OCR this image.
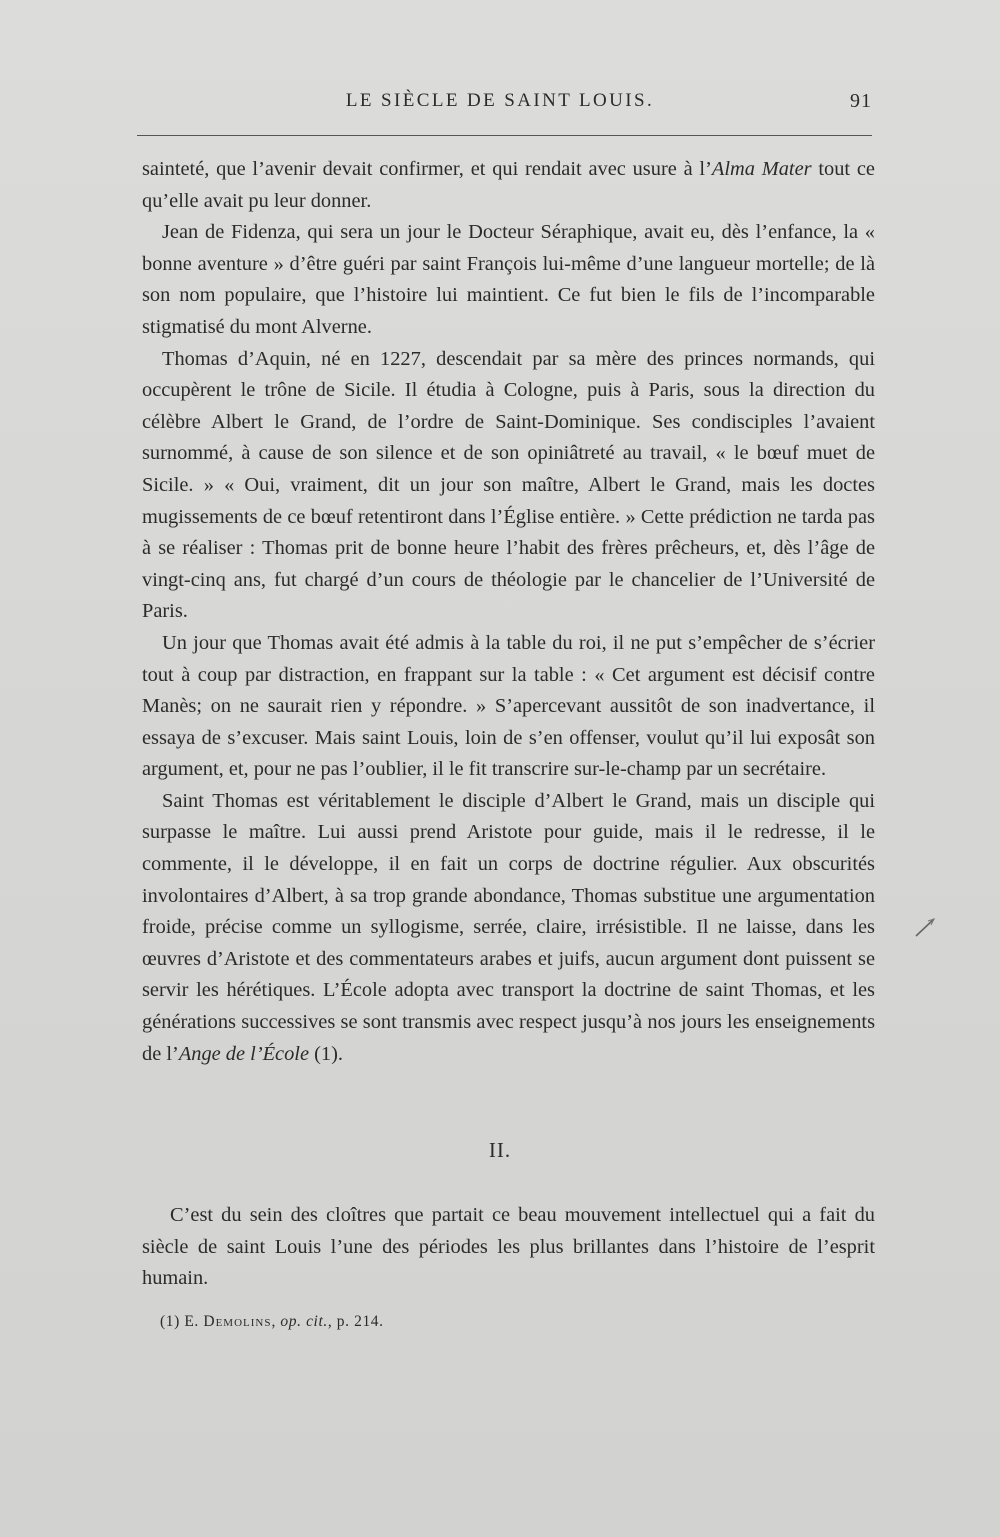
LE SIÈCLE DE SAINT LOUIS.	91

sainteté, que l’avenir devait confirmer, et qui rendait avec usure à l’Alma Mater tout ce qu’elle avait pu leur donner.

Jean de Fidenza, qui sera un jour le Docteur Séraphique, avait eu, dès l’enfance, la « bonne aventure » d’être guéri par saint François lui-même d’une langueur mortelle; de là son nom populaire, que l’histoire lui maintient. Ce fut bien le fils de l’incomparable stigmatisé du mont Alverne.

Thomas d’Aquin, né en 1227, descendait par sa mère des princes normands, qui occupèrent le trône de Sicile. Il étudia à Cologne, puis à Paris, sous la direction du célèbre Albert le Grand, de l’ordre de Saint-Dominique. Ses condisciples l’avaient surnommé, à cause de son silence et de son opiniâtreté au travail, « le bœuf muet de Sicile. » « Oui, vraiment, dit un jour son maître, Albert le Grand, mais les doctes mugissements de ce bœuf retentiront dans l’Église entière. » Cette prédiction ne tarda pas à se réaliser : Thomas prit de bonne heure l’habit des frères prêcheurs, et, dès l’âge de vingt-cinq ans, fut chargé d’un cours de théologie par le chancelier de l’Université de Paris.

Un jour que Thomas avait été admis à la table du roi, il ne put s’empêcher de s’écrier tout à coup par distraction, en frappant sur la table : « Cet argument est décisif contre Manès; on ne saurait rien y répondre. » S’apercevant aussitôt de son inadvertance, il essaya de s’excuser. Mais saint Louis, loin de s’en offenser, voulut qu’il lui exposât son argument, et, pour ne pas l’oublier, il le fit transcrire sur-le-champ par un secrétaire.

Saint Thomas est véritablement le disciple d’Albert le Grand, mais un disciple qui surpasse le maître. Lui aussi prend Aristote pour guide, mais il le redresse, il le commente, il le développe, il en fait un corps de doctrine régulier. Aux obscurités involontaires d’Albert, à sa trop grande abondance, Thomas substitue une argumentation froide, précise comme un syllogisme, serrée, claire, irrésistible. Il ne laisse, dans les œuvres d’Aristote et des commentateurs arabes et juifs, aucun argument dont puissent se servir les hérétiques. L’École adopta avec transport la doctrine de saint Thomas, et les générations successives se sont transmis avec respect jusqu’à nos jours les enseignements de l’Ange de l’École (1).

II.

C’est du sein des cloîtres que partait ce beau mouvement intellectuel qui a fait du siècle de saint Louis l’une des périodes les plus brillantes dans l’histoire de l’esprit humain.

(1) E. Demolins, op. cit., p. 214.
